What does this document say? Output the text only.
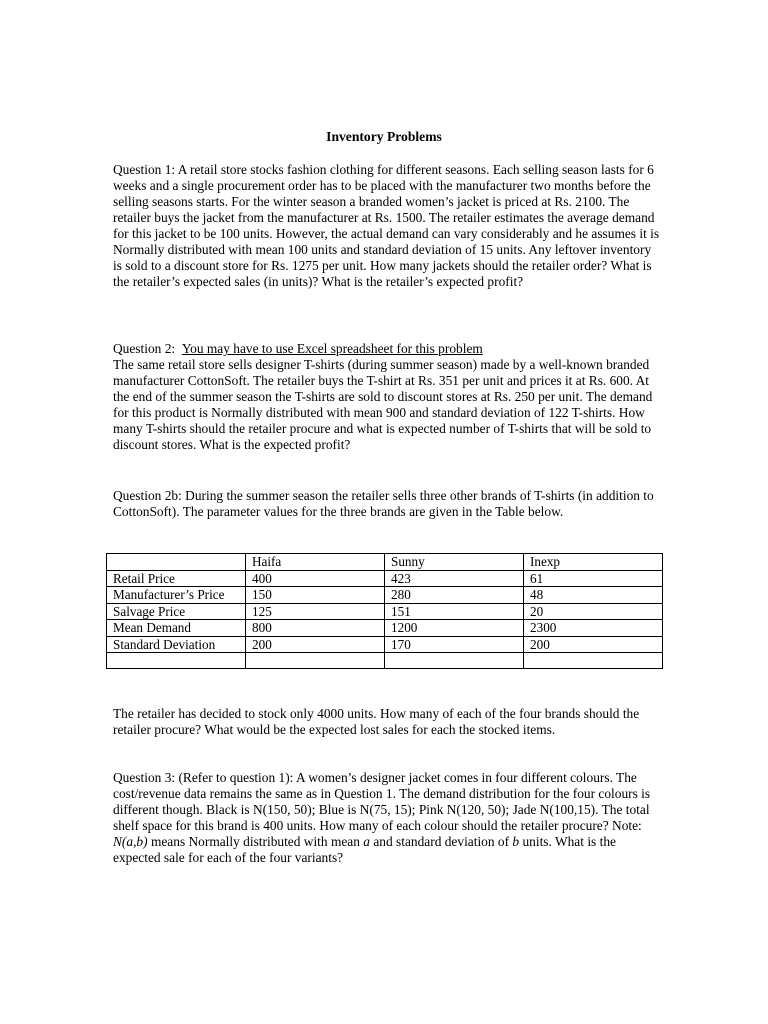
Inventory Problems

Question 1: A retail store stocks fashion clothing for different seasons. Each selling season lasts for 6 weeks and a single procurement order has to be placed with the manufacturer two months before the selling seasons starts. For the winter season a branded women’s jacket is priced at Rs. 2100. The retailer buys the jacket from the manufacturer at Rs. 1500. The retailer estimates the average demand for this jacket to be 100 units. However, the actual demand can vary considerably and he assumes it is Normally distributed with mean 100 units and standard deviation of 15 units. Any leftover inventory is sold to a discount store for Rs. 1275 per unit. How many jackets should the retailer order? What is the retailer’s expected sales (in units)? What is the retailer’s expected profit?

Question 2: You may have to use Excel spreadsheet for this problem

The same retail store sells designer T-shirts (during summer season) made by a well-known branded manufacturer CottonSoft. The retailer buys the T-shirt at Rs. 351 per unit and prices it at Rs. 600. At the end of the summer season the T-shirts are sold to discount stores at Rs. 250 per unit. The demand for this product is Normally distributed with mean 900 and standard deviation of 122 T-shirts. How many T-shirts should the retailer procure and what is expected number of T-shirts that will be sold to discount stores. What is the expected profit?

Question 2b: During the summer season the retailer sells three other brands of T-shirts (in addition to CottonSoft). The parameter values for the three brands are given in the Table below.

	Haifa	Sunny	Inexp
Retail Price	400	423	61
Manufacturer’s Price	150	280	48
Salvage Price	125	151	20
Mean Demand	800	1200	2300
Standard Deviation	200	170	200

The retailer has decided to stock only 4000 units. How many of each of the four brands should the retailer procure? What would be the expected lost sales for each the stocked items.

Question 3: (Refer to question 1): A women’s designer jacket comes in four different colours. The cost/revenue data remains the same as in Question 1. The demand distribution for the four colours is different though. Black is N(150, 50); Blue is N(75, 15); Pink N(120, 50); Jade N(100,15). The total shelf space for this brand is 400 units. How many of each colour should the retailer procure? Note: N(a,b) means Normally distributed with mean a and standard deviation of b units. What is the expected sale for each of the four variants?
